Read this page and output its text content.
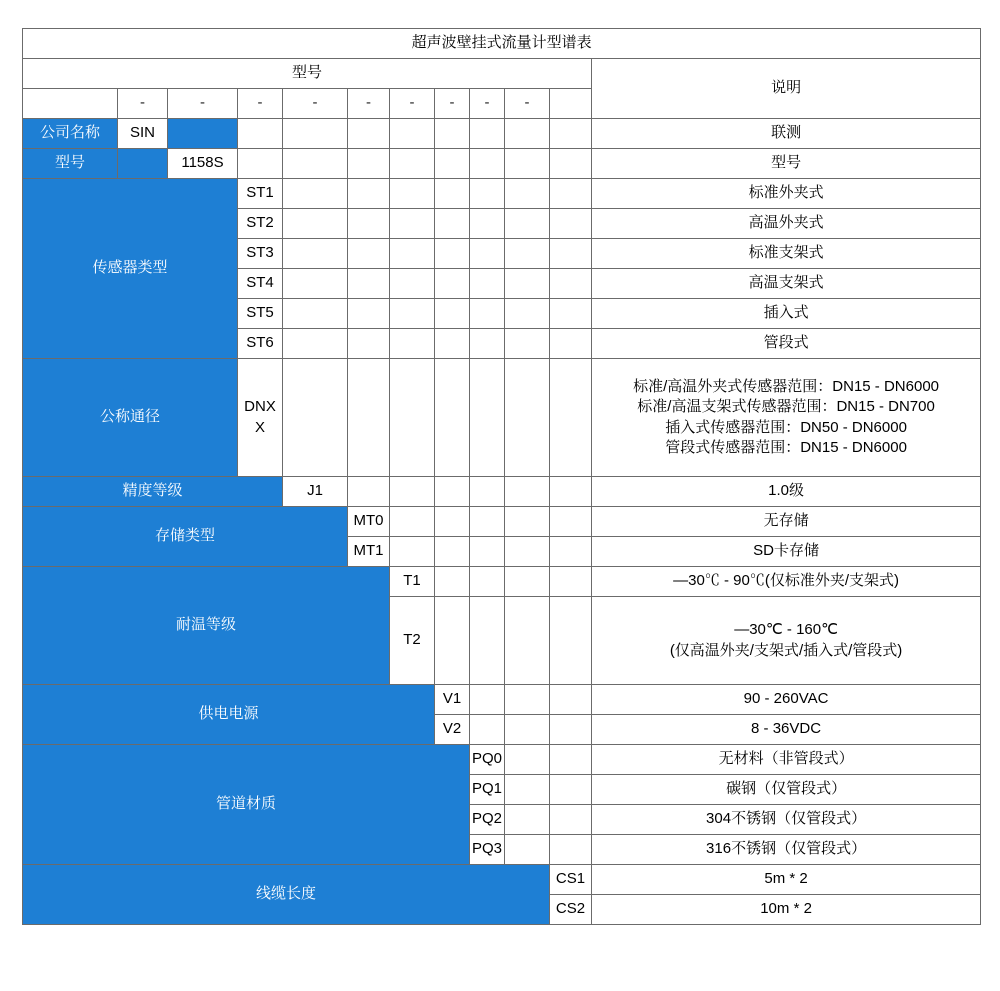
超声波壁挂式流量计型谱表											
型号											说明
	-	-	-	-	-	-	-	-	-		
公司名称	SIN										联测
型号		1158S									型号
传感器类型			ST1								标准外夹式
			ST2								高温外夹式
			ST3								标准支架式
			ST4								高温支架式
			ST5								插入式
			ST6								管段式
公称通径			DNXX								标准/高温外夹式传感器范围：DN15 - DN6000
标准/高温支架式传感器范围：DN15 - DN700
插入式传感器范围：DN50 - DN6000
管段式传感器范围：DN15 - DN6000

精度等级				J1							1.0级
存储类型					MT0						无存储
					MT1						SD卡存储
耐温等级						T1					—30℃ - 90℃(仅标准外夹/支架式)
						T2					—30℃ - 160℃
(仅高温外夹/支架式/插入式/管段式)

供电电源							V1				90 - 260VAC
							V2				8 - 36VDC
管道材质								PQ0			无材料（非管段式）
								PQ1			碳钢（仅管段式）
								PQ2			304不锈钢（仅管段式）
								PQ3			316不锈钢（仅管段式）
线缆长度										CS1	5m * 2
										CS2	10m * 2
